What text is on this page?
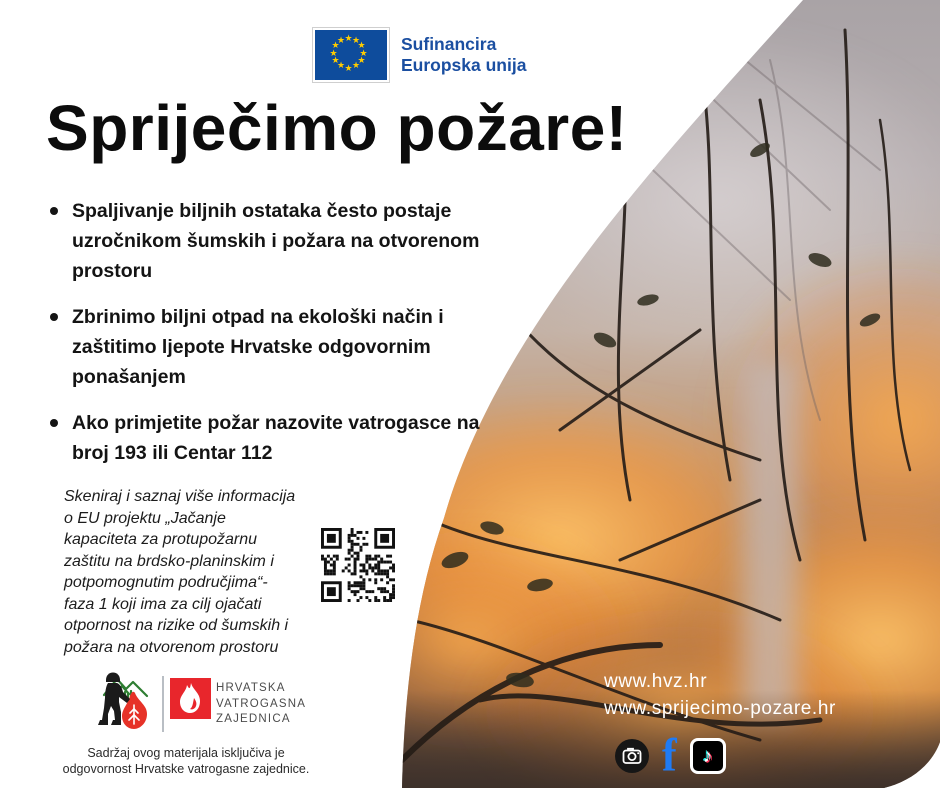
★ ★
★
★
★
★
★
★
★
★
★
★	Sufinancira
Europska unija
Spriječimo požare!
Spaljivanje biljnih ostataka često postaje uzročnikom šumskih i požara na otvorenom prostoru
Zbrinimo biljni otpad na ekološki način i zaštitimo ljepote Hrvatske odgovornim ponašanjem
Ako primjetite požar nazovite vatrogasce na broj 193 ili Centar 112
Skeniraj i saznaj više informacija
o EU projektu „Jačanje
kapaciteta za protupožarnu
zaštitu na brdsko-planinskim i
potpomognutim područjima“-
faza 1 koji ima za cilj ojačati
otpornost na rizike od šumskih i
požara na otvorenom prostoru
HRVATSKA
VATROGASNA
ZAJEDNICA
Sadržaj ovog materijala isključiva je
odgovornost Hrvatske vatrogasne zajednice.
www.hvz.hr
www.sprijecimo-pozare.hr
f ♪
